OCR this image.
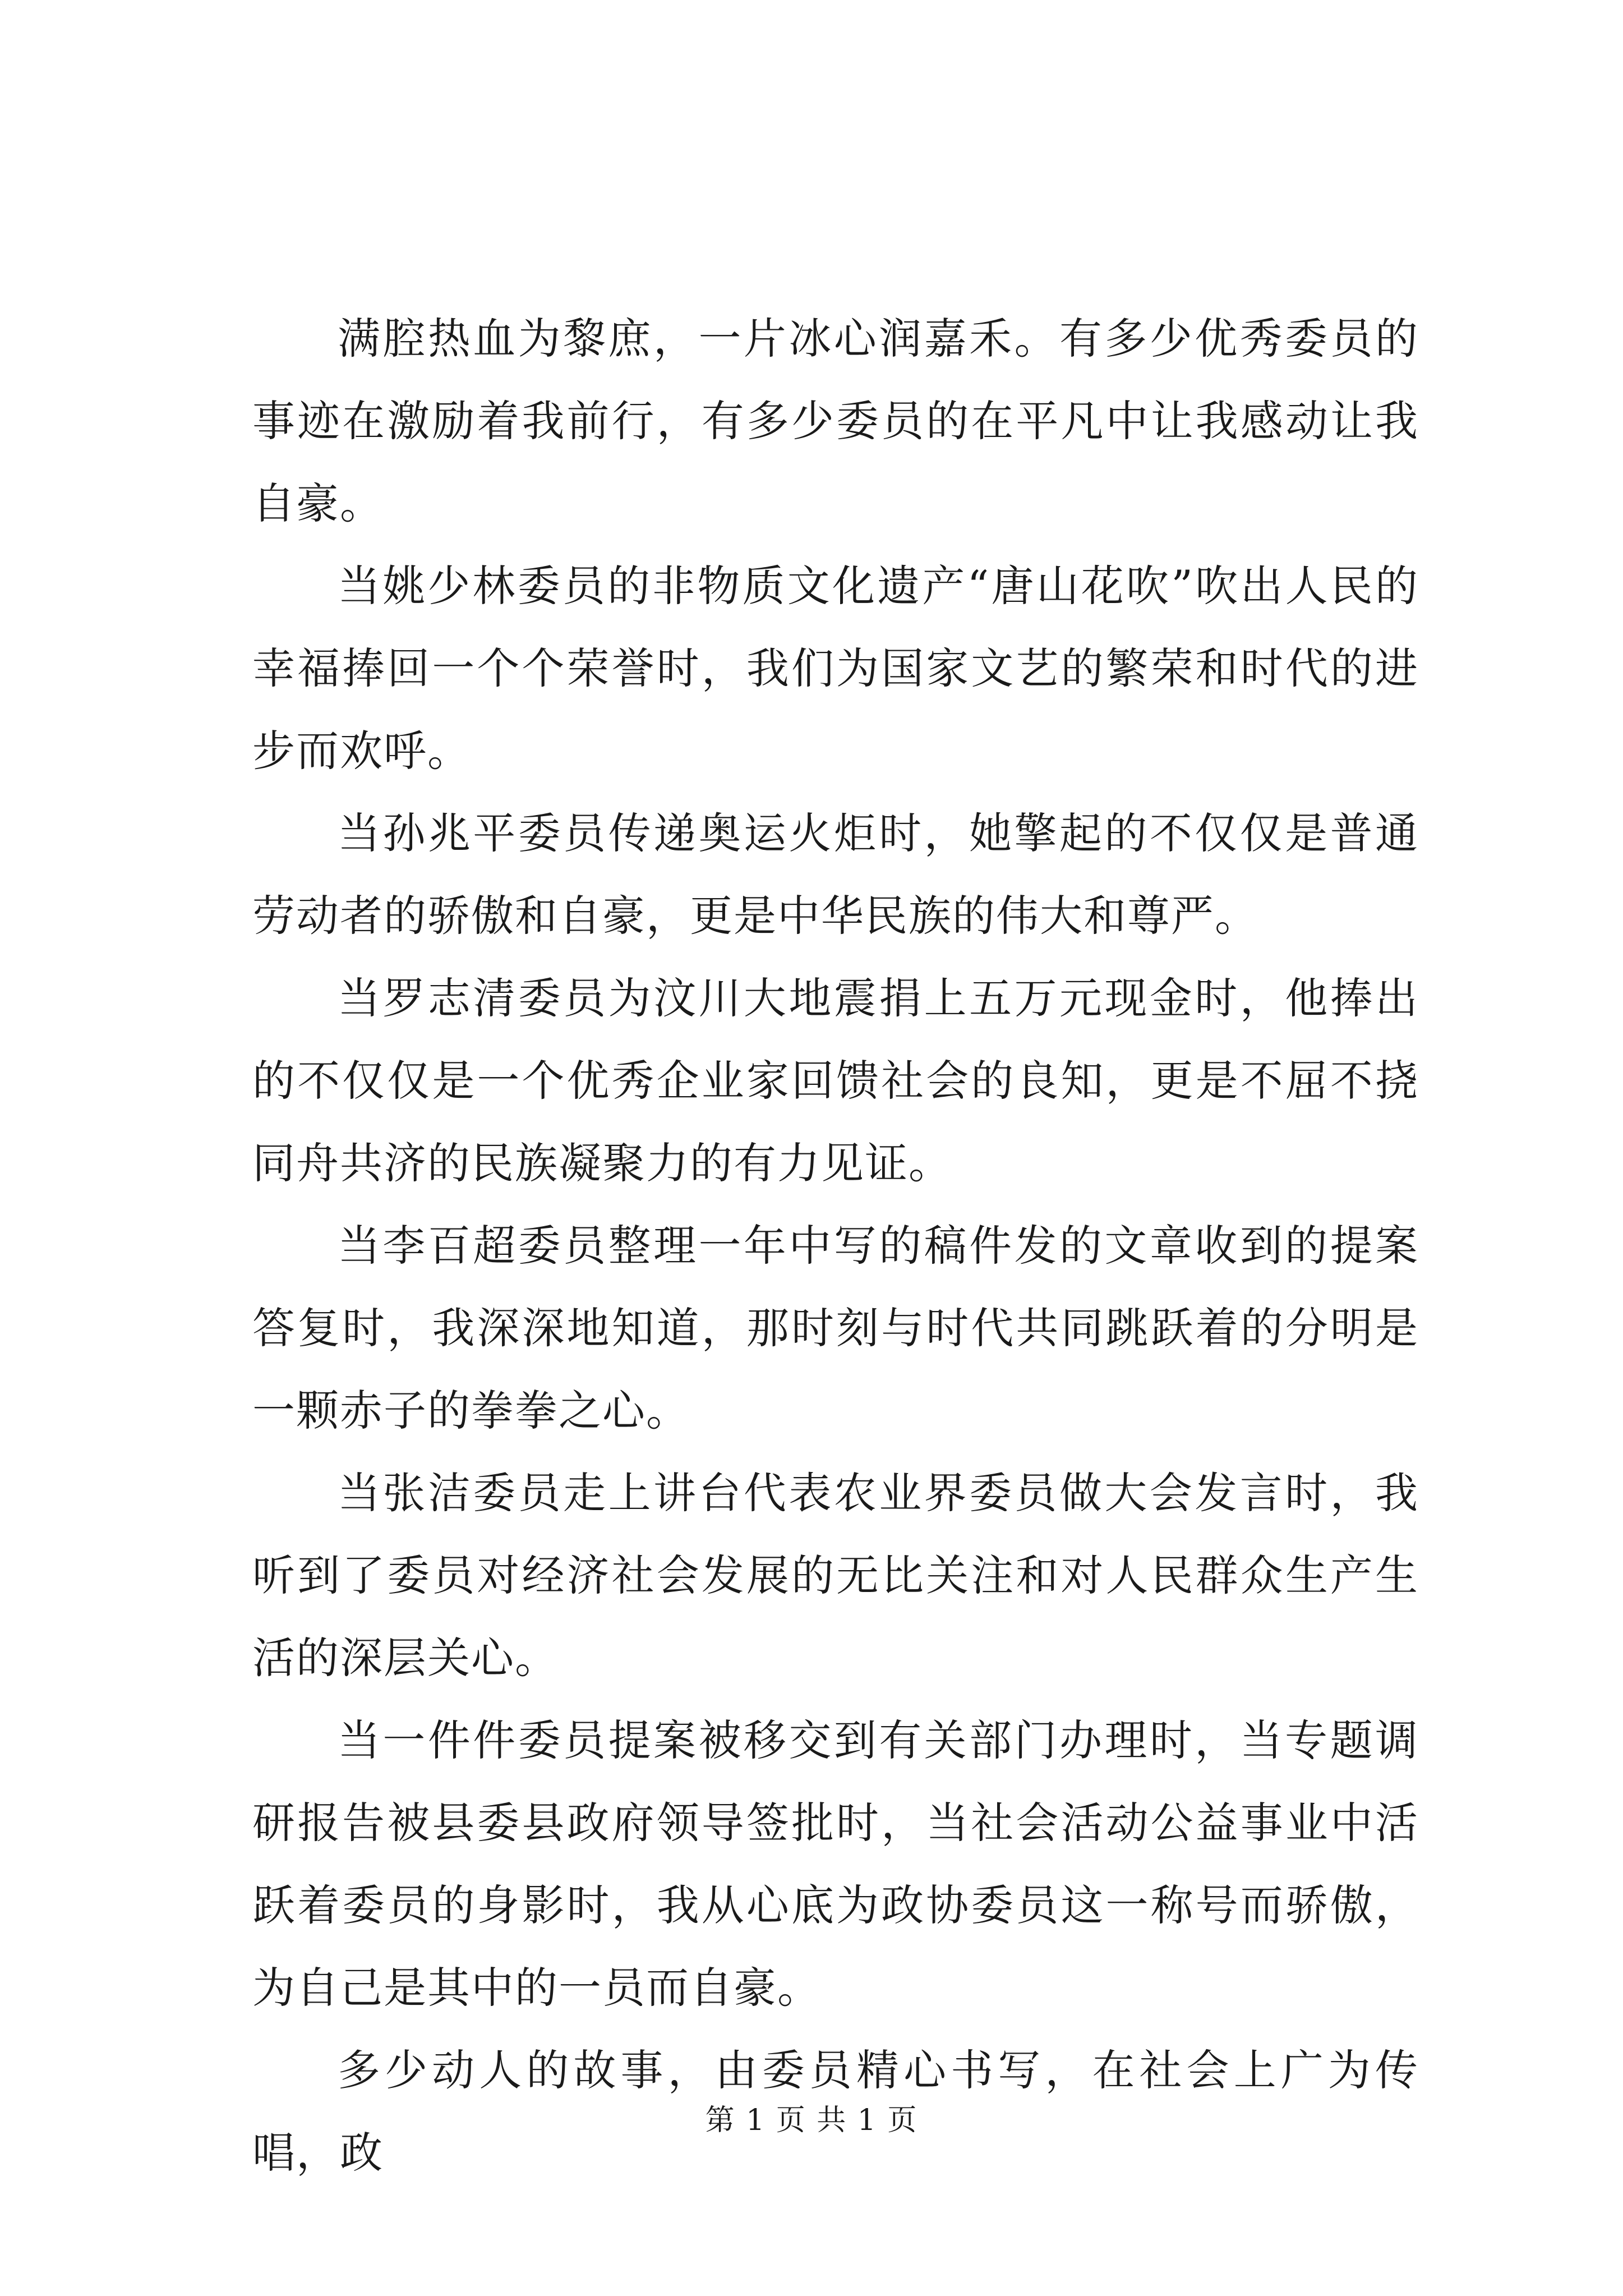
满腔热血为黎庶，一片冰心润嘉禾。有多少优秀委员的事迹在激励着我前行，有多少委员的在平凡中让我感动让我自豪。

当姚少林委员的非物质文化遗产“唐山花吹”吹出人民的幸福捧回一个个荣誉时，我们为国家文艺的繁荣和时代的进步而欢呼。

当孙兆平委员传递奥运火炬时，她擎起的不仅仅是普通劳动者的骄傲和自豪，更是中华民族的伟大和尊严。

当罗志清委员为汶川大地震捐上五万元现金时，他捧出的不仅仅是一个优秀企业家回馈社会的良知，更是不屈不挠同舟共济的民族凝聚力的有力见证。

当李百超委员整理一年中写的稿件发的文章收到的提案答复时，我深深地知道，那时刻与时代共同跳跃着的分明是一颗赤子的拳拳之心。

当张洁委员走上讲台代表农业界委员做大会发言时，我听到了委员对经济社会发展的无比关注和对人民群众生产生活的深层关心。

当一件件委员提案被移交到有关部门办理时，当专题调研报告被县委县政府领导签批时，当社会活动公益事业中活跃着委员的身影时，我从心底为政协委员这一称号而骄傲，为自己是其中的一员而自豪。

多少动人的故事，由委员精心书写，在社会上广为传唱，政

第 1 页 共 1 页
